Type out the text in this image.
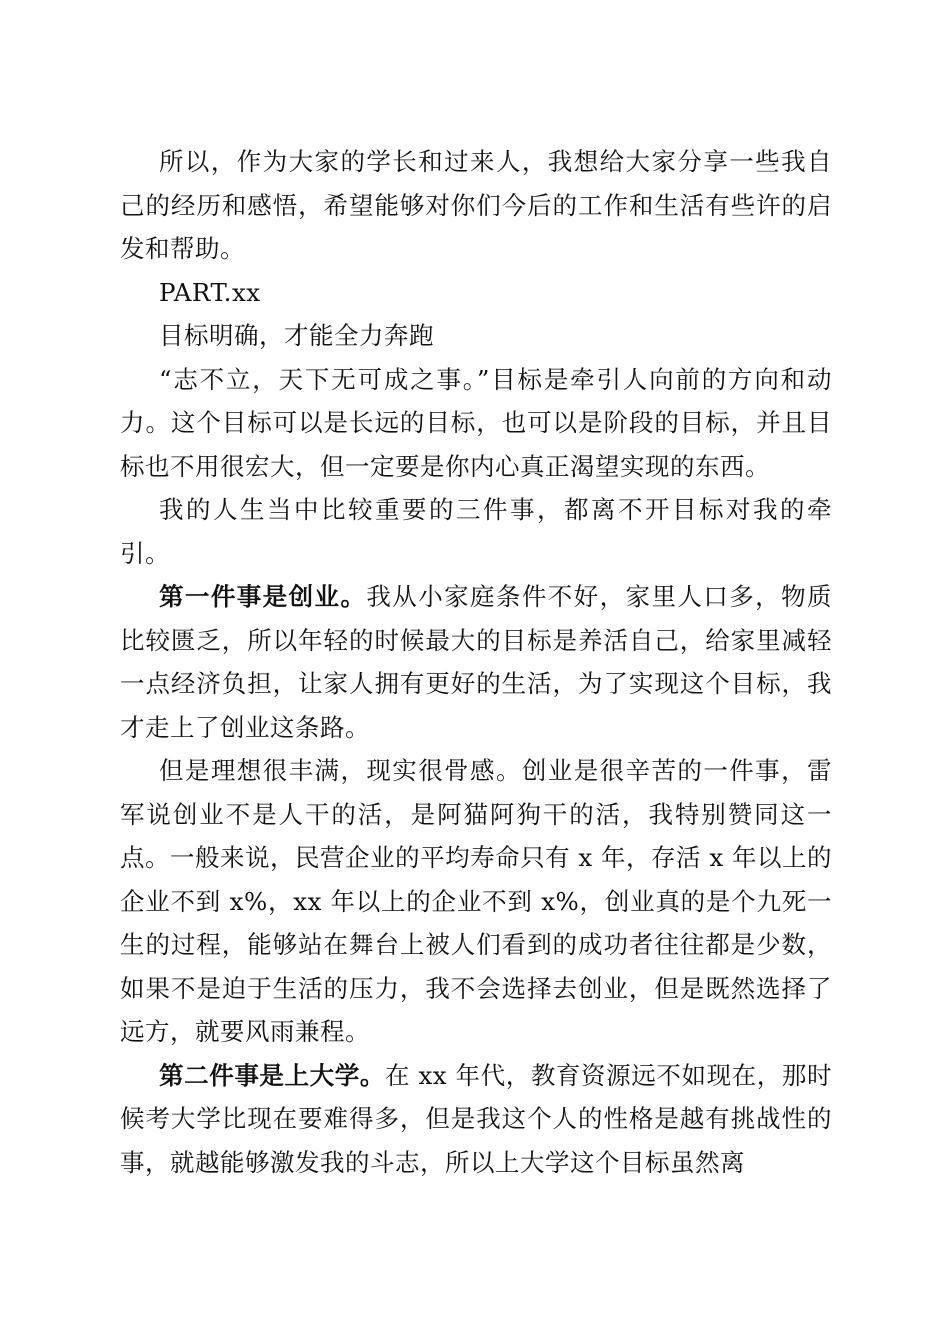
所以，作为大家的学长和过来人，我想给大家分享一些我自己的经历和感悟，希望能够对你们今后的工作和生活有些许的启发和帮助。

PART.xx

目标明确，才能全力奔跑

“志不立，天下无可成之事。”目标是牵引人向前的方向和动力。这个目标可以是长远的目标，也可以是阶段的目标，并且目标也不用很宏大，但一定要是你内心真正渴望实现的东西。

我的人生当中比较重要的三件事，都离不开目标对我的牵引。

第一件事是创业。我从小家庭条件不好，家里人口多，物质比较匮乏，所以年轻的时候最大的目标是养活自己，给家里减轻一点经济负担，让家人拥有更好的生活，为了实现这个目标，我才走上了创业这条路。

但是理想很丰满，现实很骨感。创业是很辛苦的一件事，雷军说创业不是人干的活，是阿猫阿狗干的活，我特别赞同这一点。一般来说，民营企业的平均寿命只有 x 年，存活 x 年以上的企业不到 x%，xx 年以上的企业不到 x%，创业真的是个九死一生的过程，能够站在舞台上被人们看到的成功者往往都是少数，如果不是迫于生活的压力，我不会选择去创业，但是既然选择了远方，就要风雨兼程。

第二件事是上大学。在 xx 年代，教育资源远不如现在，那时候考大学比现在要难得多，但是我这个人的性格是越有挑战性的事，就越能够激发我的斗志，所以上大学这个目标虽然离
